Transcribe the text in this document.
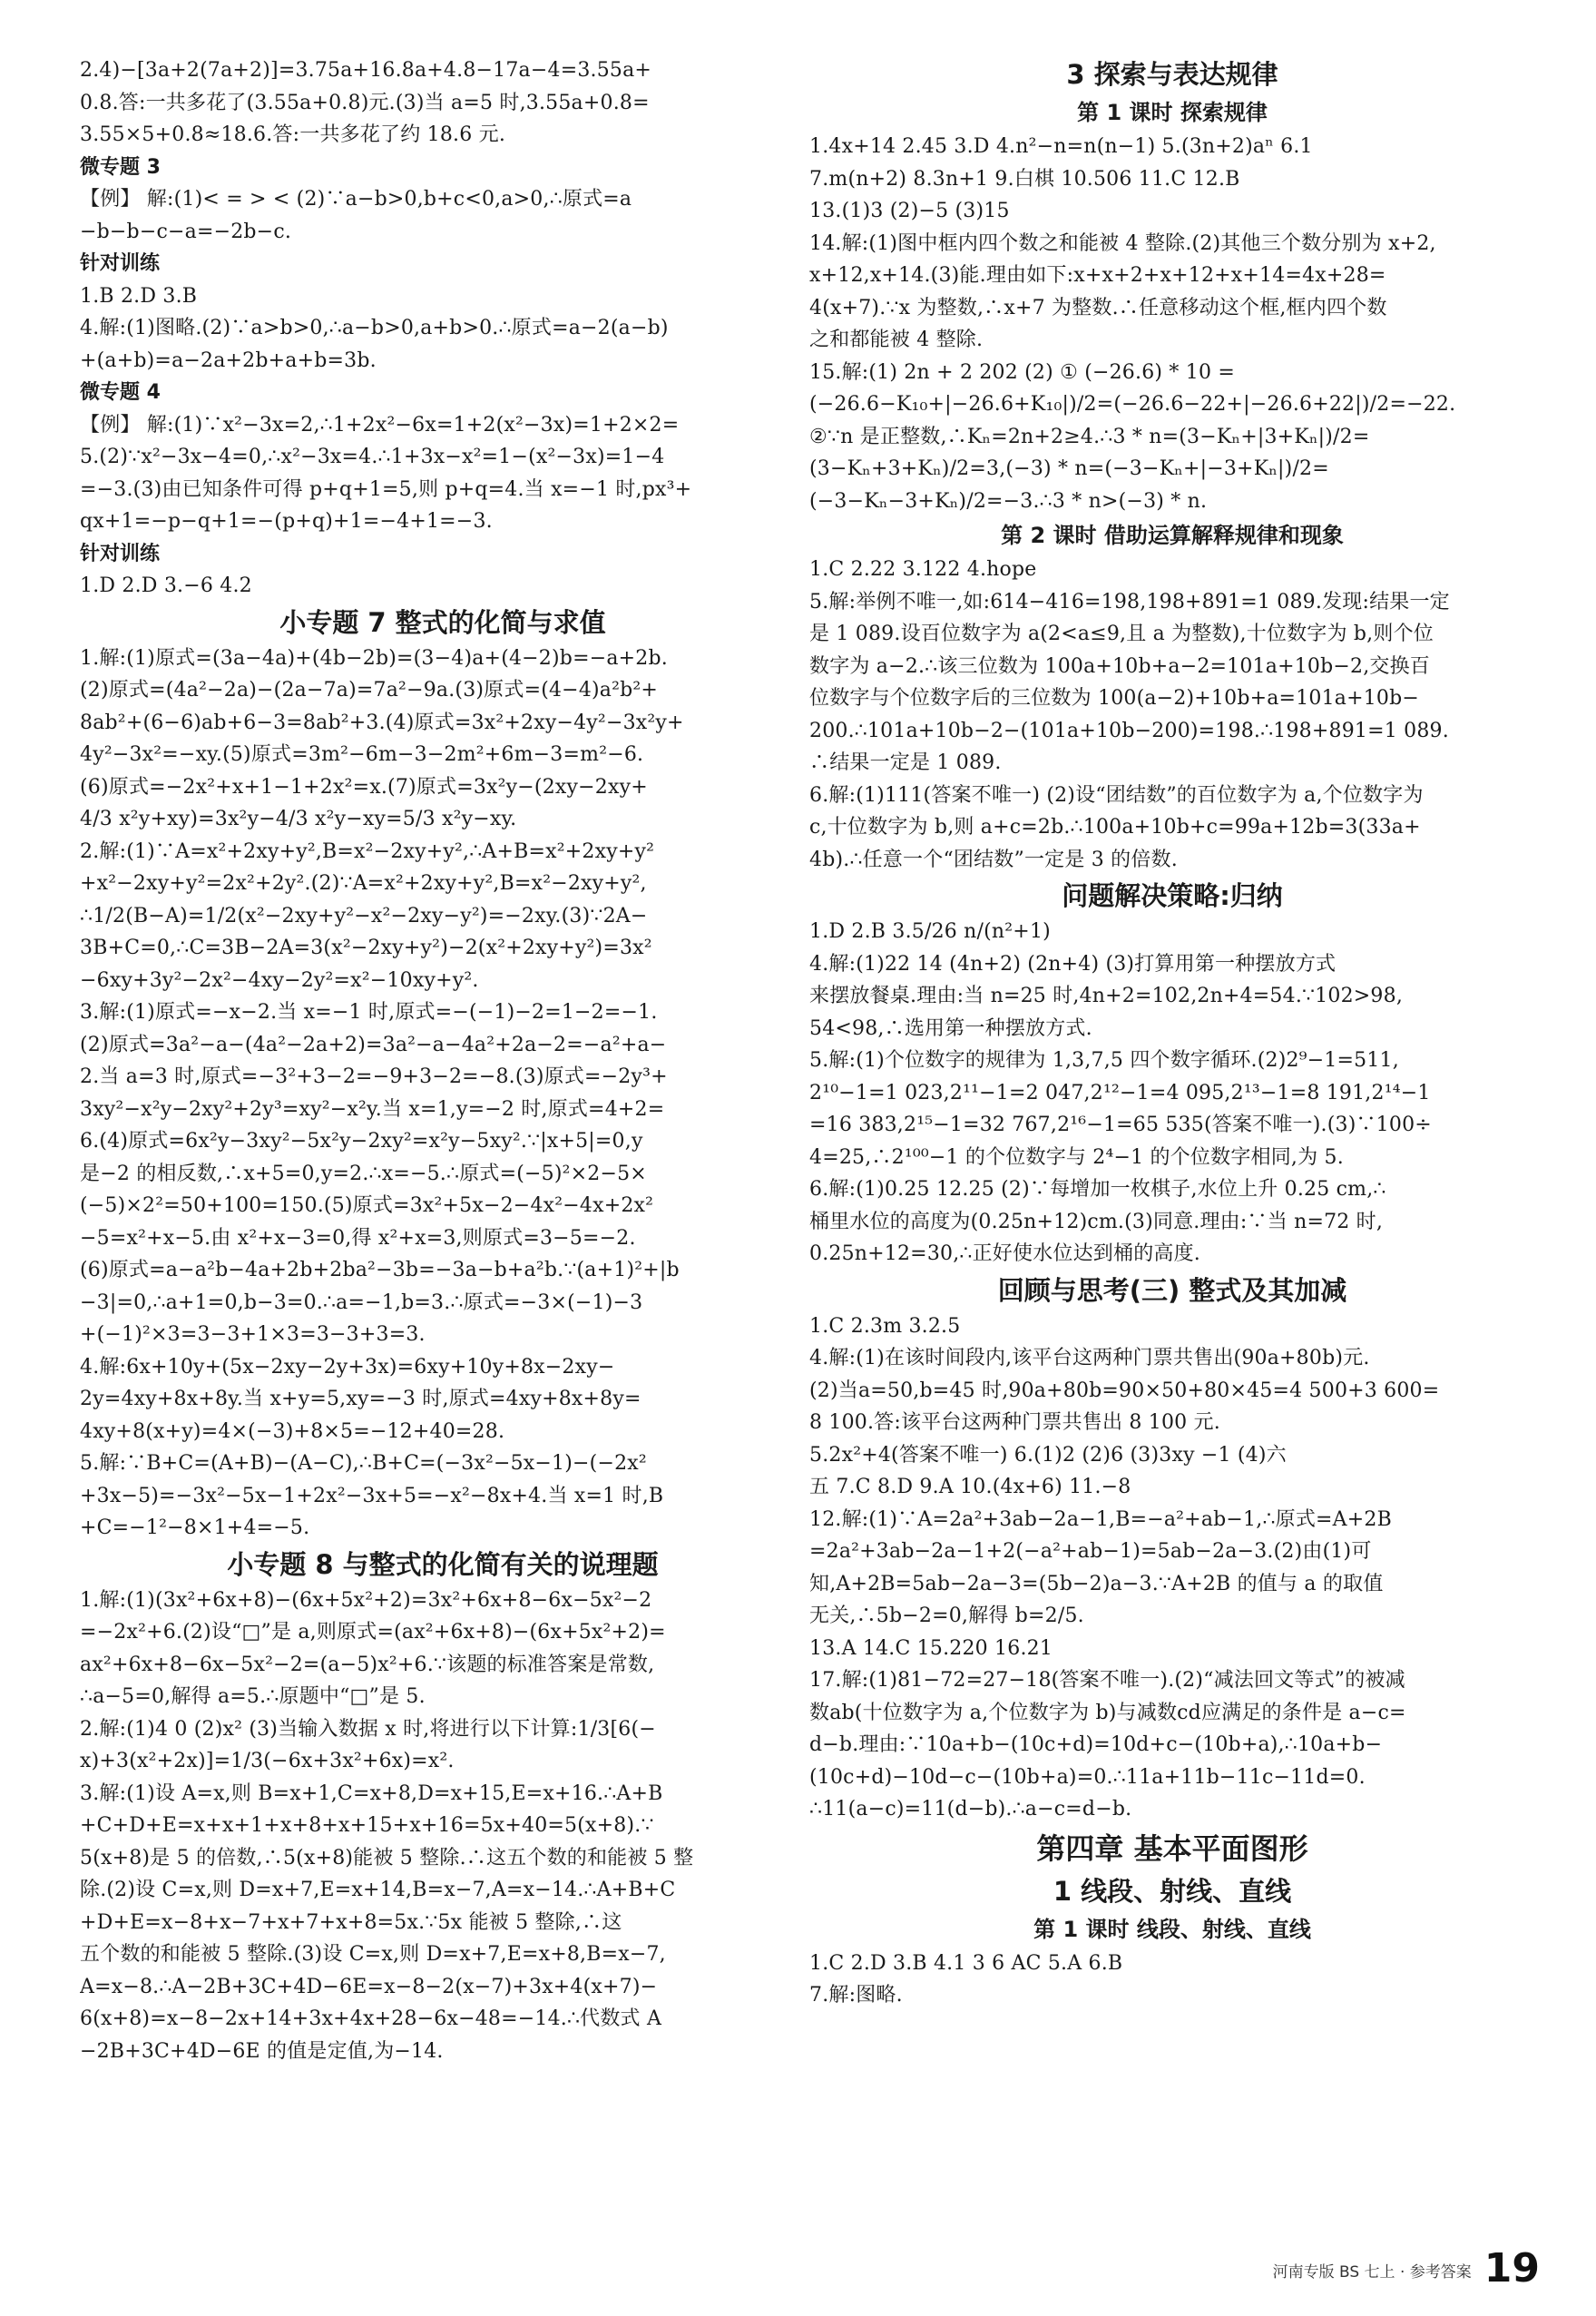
2.4)−[3a+2(7a+2)]=3.75a+16.8a+4.8−17a−4=3.55a+
0.8.答:一共多花了(3.55a+0.8)元.(3)当 a=5 时,3.55a+0.8=
3.55×5+0.8≈18.6.答:一共多花了约 18.6 元.
微专题 3
【例】 解:(1)< = > < (2)∵a−b>0,b+c<0,a>0,∴原式=a
−b−b−c−a=−2b−c.
针对训练
1.B 2.D 3.B
4.解:(1)图略.(2)∵a>b>0,∴a−b>0,a+b>0.∴原式=a−2(a−b)
+(a+b)=a−2a+2b+a+b=3b.
微专题 4
【例】 解:(1)∵x²−3x=2,∴1+2x²−6x=1+2(x²−3x)=1+2×2=
5.(2)∵x²−3x−4=0,∴x²−3x=4.∴1+3x−x²=1−(x²−3x)=1−4
=−3.(3)由已知条件可得 p+q+1=5,则 p+q=4.当 x=−1 时,px³+
qx+1=−p−q+1=−(p+q)+1=−4+1=−3.
针对训练
1.D 2.D 3.−6 4.2
小专题 7 整式的化简与求值
1.解:(1)原式=(3a−4a)+(4b−2b)=(3−4)a+(4−2)b=−a+2b.
(2)原式=(4a²−2a)−(2a−7a)=7a²−9a.(3)原式=(4−4)a²b²+
8ab²+(6−6)ab+6−3=8ab²+3.(4)原式=3x²+2xy−4y²−3x²y+
4y²−3x²=−xy.(5)原式=3m²−6m−3−2m²+6m−3=m²−6.
(6)原式=−2x²+x+1−1+2x²=x.(7)原式=3x²y−(2xy−2xy+
4/3 x²y+xy)=3x²y−4/3 x²y−xy=5/3 x²y−xy.
2.解:(1)∵A=x²+2xy+y²,B=x²−2xy+y²,∴A+B=x²+2xy+y²
+x²−2xy+y²=2x²+2y².(2)∵A=x²+2xy+y²,B=x²−2xy+y²,
∴1/2(B−A)=1/2(x²−2xy+y²−x²−2xy−y²)=−2xy.(3)∵2A−
3B+C=0,∴C=3B−2A=3(x²−2xy+y²)−2(x²+2xy+y²)=3x²
−6xy+3y²−2x²−4xy−2y²=x²−10xy+y².
3.解:(1)原式=−x−2.当 x=−1 时,原式=−(−1)−2=1−2=−1.
(2)原式=3a²−a−(4a²−2a+2)=3a²−a−4a²+2a−2=−a²+a−
2.当 a=3 时,原式=−3²+3−2=−9+3−2=−8.(3)原式=−2y³+
3xy²−x²y−2xy²+2y³=xy²−x²y.当 x=1,y=−2 时,原式=4+2=
6.(4)原式=6x²y−3xy²−5x²y−2xy²=x²y−5xy².∵|x+5|=0,y
是−2 的相反数,∴x+5=0,y=2.∴x=−5.∴原式=(−5)²×2−5×
(−5)×2²=50+100=150.(5)原式=3x²+5x−2−4x²−4x+2x²
−5=x²+x−5.由 x²+x−3=0,得 x²+x=3,则原式=3−5=−2.
(6)原式=a−a²b−4a+2b+2ba²−3b=−3a−b+a²b.∵(a+1)²+|b
−3|=0,∴a+1=0,b−3=0.∴a=−1,b=3.∴原式=−3×(−1)−3
+(−1)²×3=3−3+1×3=3−3+3=3.
4.解:6x+10y+(5x−2xy−2y+3x)=6xy+10y+8x−2xy−
2y=4xy+8x+8y.当 x+y=5,xy=−3 时,原式=4xy+8x+8y=
4xy+8(x+y)=4×(−3)+8×5=−12+40=28.
5.解:∵B+C=(A+B)−(A−C),∴B+C=(−3x²−5x−1)−(−2x²
+3x−5)=−3x²−5x−1+2x²−3x+5=−x²−8x+4.当 x=1 时,B
+C=−1²−8×1+4=−5.
小专题 8 与整式的化简有关的说理题
1.解:(1)(3x²+6x+8)−(6x+5x²+2)=3x²+6x+8−6x−5x²−2
=−2x²+6.(2)设“□”是 a,则原式=(ax²+6x+8)−(6x+5x²+2)=
ax²+6x+8−6x−5x²−2=(a−5)x²+6.∵该题的标准答案是常数,
∴a−5=0,解得 a=5.∴原题中“□”是 5.
2.解:(1)4 0 (2)x² (3)当输入数据 x 时,将进行以下计算:1/3[6(−
x)+3(x²+2x)]=1/3(−6x+3x²+6x)=x².
3.解:(1)设 A=x,则 B=x+1,C=x+8,D=x+15,E=x+16.∴A+B
+C+D+E=x+x+1+x+8+x+15+x+16=5x+40=5(x+8).∵
5(x+8)是 5 的倍数,∴5(x+8)能被 5 整除.∴这五个数的和能被 5 整
除.(2)设 C=x,则 D=x+7,E=x+14,B=x−7,A=x−14.∴A+B+C
+D+E=x−8+x−7+x+7+x+8=5x.∵5x 能被 5 整除,∴这
五个数的和能被 5 整除.(3)设 C=x,则 D=x+7,E=x+8,B=x−7,
A=x−8.∴A−2B+3C+4D−6E=x−8−2(x−7)+3x+4(x+7)−
6(x+8)=x−8−2x+14+3x+4x+28−6x−48=−14.∴代数式 A
−2B+3C+4D−6E 的值是定值,为−14.
3 探索与表达规律
第 1 课时 探索规律
1.4x+14 2.45 3.D 4.n²−n=n(n−1) 5.(3n+2)aⁿ 6.1
7.m(n+2) 8.3n+1 9.白棋 10.506 11.C 12.B
13.(1)3 (2)−5 (3)15
14.解:(1)图中框内四个数之和能被 4 整除.(2)其他三个数分别为 x+2,
x+12,x+14.(3)能.理由如下:x+x+2+x+12+x+14=4x+28=
4(x+7).∵x 为整数,∴x+7 为整数.∴任意移动这个框,框内四个数
之和都能被 4 整除.
15.解:(1) 2n + 2 202 (2) ① (−26.6) * 10 =
(−26.6−K₁₀+|−26.6+K₁₀|)/2=(−26.6−22+|−26.6+22|)/2=−22.
②∵n 是正整数,∴Kₙ=2n+2≥4.∴3 * n=(3−Kₙ+|3+Kₙ|)/2=
(3−Kₙ+3+Kₙ)/2=3,(−3) * n=(−3−Kₙ+|−3+Kₙ|)/2=
(−3−Kₙ−3+Kₙ)/2=−3.∴3 * n>(−3) * n.
第 2 课时 借助运算解释规律和现象
1.C 2.22 3.122 4.hope
5.解:举例不唯一,如:614−416=198,198+891=1 089.发现:结果一定
是 1 089.设百位数字为 a(2<a≤9,且 a 为整数),十位数字为 b,则个位
数字为 a−2.∴该三位数为 100a+10b+a−2=101a+10b−2,交换百
位数字与个位数字后的三位数为 100(a−2)+10b+a=101a+10b−
200.∴101a+10b−2−(101a+10b−200)=198.∴198+891=1 089.
∴结果一定是 1 089.
6.解:(1)111(答案不唯一) (2)设“团结数”的百位数字为 a,个位数字为
c,十位数字为 b,则 a+c=2b.∴100a+10b+c=99a+12b=3(33a+
4b).∴任意一个“团结数”一定是 3 的倍数.
问题解决策略:归纳
1.D 2.B 3.5/26 n/(n²+1)
4.解:(1)22 14 (4n+2) (2n+4) (3)打算用第一种摆放方式
来摆放餐桌.理由:当 n=25 时,4n+2=102,2n+4=54.∵102>98,
54<98,∴选用第一种摆放方式.
5.解:(1)个位数字的规律为 1,3,7,5 四个数字循环.(2)2⁹−1=511,
2¹⁰−1=1 023,2¹¹−1=2 047,2¹²−1=4 095,2¹³−1=8 191,2¹⁴−1
=16 383,2¹⁵−1=32 767,2¹⁶−1=65 535(答案不唯一).(3)∵100÷
4=25,∴2¹⁰⁰−1 的个位数字与 2⁴−1 的个位数字相同,为 5.
6.解:(1)0.25 12.25 (2)∵每增加一枚棋子,水位上升 0.25 cm,∴
桶里水位的高度为(0.25n+12)cm.(3)同意.理由:∵当 n=72 时,
0.25n+12=30,∴正好使水位达到桶的高度.
回顾与思考(三) 整式及其加减
1.C 2.3m 3.2.5
4.解:(1)在该时间段内,该平台这两种门票共售出(90a+80b)元.
(2)当a=50,b=45 时,90a+80b=90×50+80×45=4 500+3 600=
8 100.答:该平台这两种门票共售出 8 100 元.
5.2x²+4(答案不唯一) 6.(1)2 (2)6 (3)3xy −1 (4)六
五 7.C 8.D 9.A 10.(4x+6) 11.−8
12.解:(1)∵A=2a²+3ab−2a−1,B=−a²+ab−1,∴原式=A+2B
=2a²+3ab−2a−1+2(−a²+ab−1)=5ab−2a−3.(2)由(1)可
知,A+2B=5ab−2a−3=(5b−2)a−3.∵A+2B 的值与 a 的取值
无关,∴5b−2=0,解得 b=2/5.
13.A 14.C 15.220 16.21
17.解:(1)81−72=27−18(答案不唯一).(2)“减法回文等式”的被减
数ab(十位数字为 a,个位数字为 b)与减数cd应满足的条件是 a−c=
d−b.理由:∵10a+b−(10c+d)=10d+c−(10b+a),∴10a+b−
(10c+d)−10d−c−(10b+a)=0.∴11a+11b−11c−11d=0.
∴11(a−c)=11(d−b).∴a−c=d−b.
第四章 基本平面图形
1 线段、射线、直线
第 1 课时 线段、射线、直线
1.C 2.D 3.B 4.1 3 6 AC 5.A 6.B
7.解:图略.
河南专版 BS 七上 · 参考答案 19
